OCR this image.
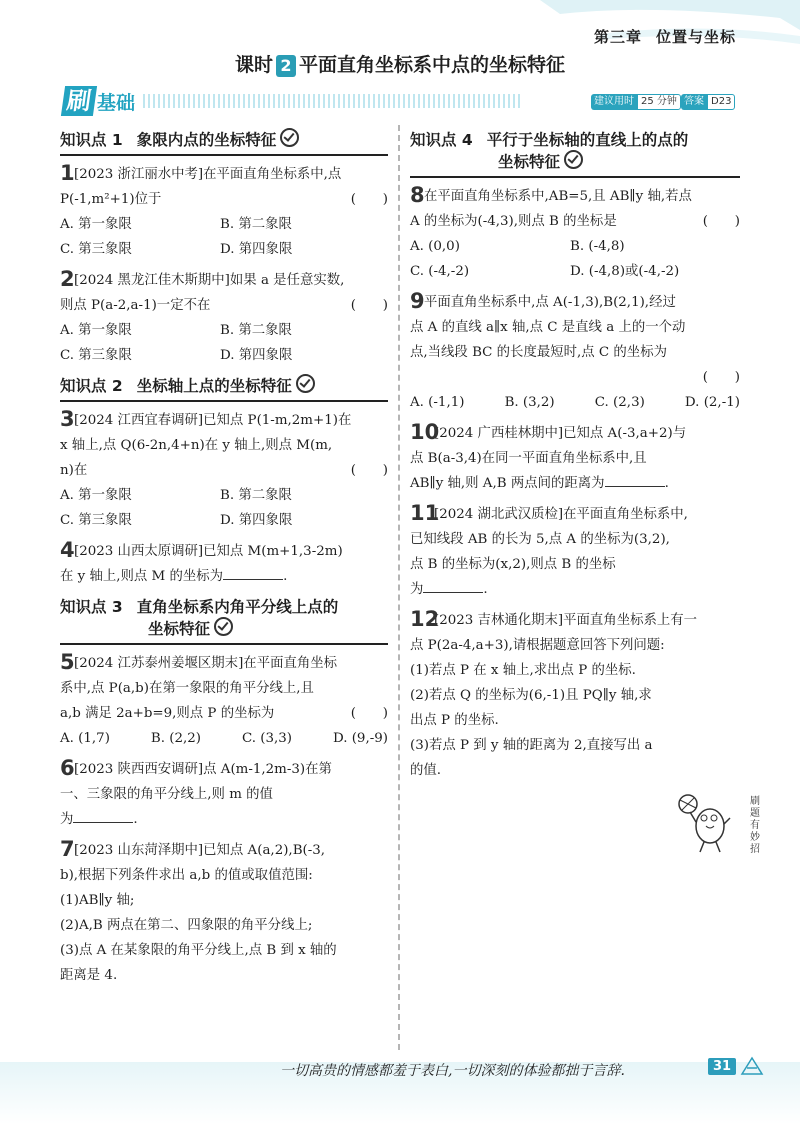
第三章 位置与坐标
课时 2 平面直角坐标系中点的坐标特征
刷 基础	建议用时 25 分钟 答案 D23
知识点 1 象限内点的坐标特征
1 [2023 浙江丽水中考]在平面直角坐标系中,点
P(-1,m²+1)位于	(　　)
A. 第一象限	B. 第二象限
C. 第三象限	D. 第四象限
2 [2024 黑龙江佳木斯期中]如果 a 是任意实数,
则点 P(a-2,a-1)一定不在	(　　)
A. 第一象限	B. 第二象限
C. 第三象限	D. 第四象限
知识点 2 坐标轴上点的坐标特征
3 [2024 江西宜春调研]已知点 P(1-m,2m+1)在
x 轴上,点 Q(6-2n,4+n)在 y 轴上,则点 M(m,
n)在	(　　)
A. 第一象限	B. 第二象限
C. 第三象限	D. 第四象限
4 [2023 山西太原调研]已知点 M(m+1,3-2m)
在 y 轴上,则点 M 的坐标为	.
知识点 3 直角坐标系内角平分线上点的
坐标特征
5 [2024 江苏泰州姜堰区期末]在平面直角坐标
系中,点 P(a,b)在第一象限的角平分线上,且
a,b 满足 2a+b=9,则点 P 的坐标为	(　　)
A. (1,7)	B. (2,2)	C. (3,3)	D. (9,-9)
6 [2023 陕西西安调研]点 A(m-1,2m-3)在第
一、三象限的角平分线上,则 m 的值
为	.
7 [2023 山东菏泽期中]已知点 A(a,2),B(-3,
b),根据下列条件求出 a,b 的值或取值范围:
(1)AB∥y 轴;
(2)A,B 两点在第二、四象限的角平分线上;
(3)点 A 在某象限的角平分线上,点 B 到 x 轴的
距离是 4.
知识点 4 平行于坐标轴的直线上的点的
坐标特征
8 在平面直角坐标系中,AB=5,且 AB∥y 轴,若点
A 的坐标为(-4,3),则点 B 的坐标是	(　　)
A. (0,0)	B. (-4,8)
C. (-4,-2)	D. (-4,8)或(-4,-2)
9 平面直角坐标系中,点 A(-1,3),B(2,1),经过
点 A 的直线 a∥x 轴,点 C 是直线 a 上的一个动
点,当线段 BC 的长度最短时,点 C 的坐标为
(　　)
A. (-1,1)	B. (3,2)	C. (2,3)	D. (2,-1)
10
[2024 广西桂林期中]已知点 A(-3,a+2)与
点 B(a-3,4)在同一平面直角坐标系中,且
AB∥y 轴,则 A,B 两点间的距离为	.
11
[2024 湖北武汉质检]在平面直角坐标系中,
已知线段 AB 的长为 5,点 A 的坐标为(3,2),
点 B 的坐标为(x,2),则点 B 的坐标
为	.
12
[2023 吉林通化期末]平面直角坐标系上有一
点 P(2a-4,a+3),请根据题意回答下列问题:
(1)若点 P 在 x 轴上,求出点 P 的坐标.
(2)若点 Q 的坐标为(6,-1)且 PQ∥y 轴,求
出点 P 的坐标.
(3)若点 P 到 y 轴的距离为 2,直接写出 a
的值.
刷题有妙招
一切高贵的情感都羞于表白,一切深刻的体验都拙于言辞.	31
